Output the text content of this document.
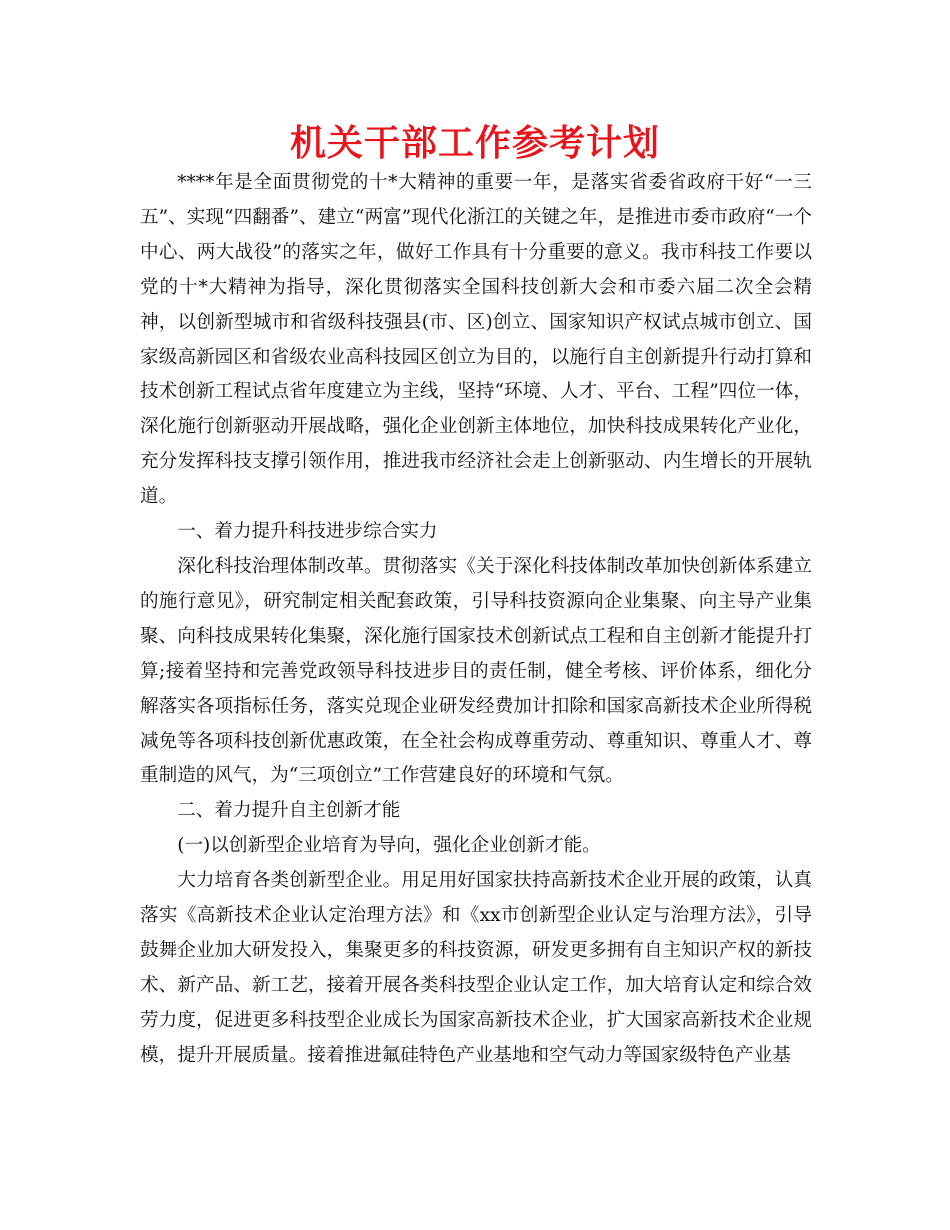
机关干部工作参考计划

****年是全面贯彻党的十*大精神的重要一年，是落实省委省政府干好“一三五”、实现“四翻番”、建立“两富”现代化浙江的关键之年，是推进市委市政府“一个中心、两大战役”的落实之年，做好工作具有十分重要的意义。我市科技工作要以党的十*大精神为指导，深化贯彻落实全国科技创新大会和市委六届二次全会精神，以创新型城市和省级科技强县(市、区)创立、国家知识产权试点城市创立、国家级高新园区和省级农业高科技园区创立为目的，以施行自主创新提升行动打算和技术创新工程试点省年度建立为主线，坚持“环境、人才、平台、工程”四位一体，深化施行创新驱动开展战略，强化企业创新主体地位，加快科技成果转化产业化，充分发挥科技支撑引领作用，推进我市经济社会走上创新驱动、内生增长的开展轨道。

一、着力提升科技进步综合实力

深化科技治理体制改革。贯彻落实《关于深化科技体制改革加快创新体系建立的施行意见》，研究制定相关配套政策，引导科技资源向企业集聚、向主导产业集聚、向科技成果转化集聚，深化施行国家技术创新试点工程和自主创新才能提升打算;接着坚持和完善党政领导科技进步目的责任制，健全考核、评价体系，细化分解落实各项指标任务，落实兑现企业研发经费加计扣除和国家高新技术企业所得税减免等各项科技创新优惠政策，在全社会构成尊重劳动、尊重知识、尊重人才、尊重制造的风气，为“三项创立”工作营建良好的环境和气氛。

二、着力提升自主创新才能

(一)以创新型企业培育为导向，强化企业创新才能。

大力培育各类创新型企业。用足用好国家扶持高新技术企业开展的政策，认真落实《高新技术企业认定治理方法》和《xx市创新型企业认定与治理方法》，引导鼓舞企业加大研发投入，集聚更多的科技资源，研发更多拥有自主知识产权的新技术、新产品、新工艺，接着开展各类科技型企业认定工作，加大培育认定和综合效劳力度，促进更多科技型企业成长为国家高新技术企业，扩大国家高新技术企业规模，提升开展质量。接着推进氟硅特色产业基地和空气动力等国家级特色产业基
